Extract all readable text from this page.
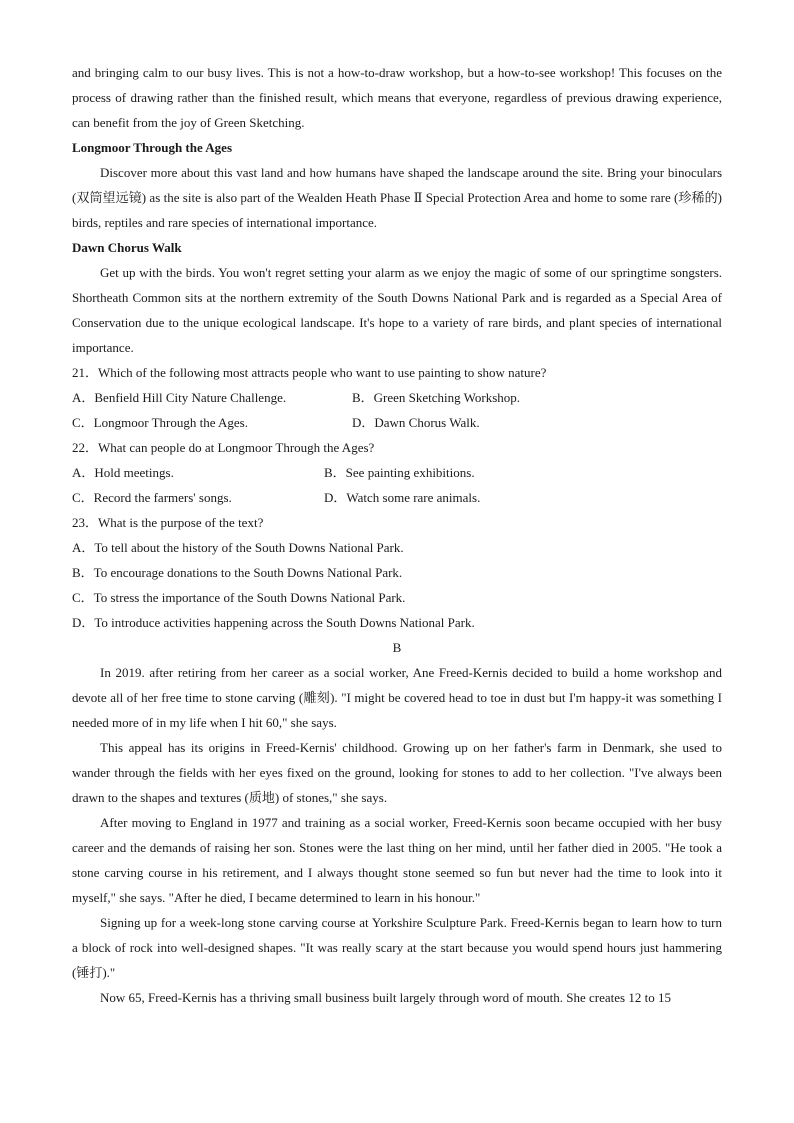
and bringing calm to our busy lives. This is not a how-to-draw workshop, but a how-to-see workshop! This focuses on the process of drawing rather than the finished result, which means that everyone, regardless of previous drawing experience, can benefit from the joy of Green Sketching.

Longmoor Through the Ages

Discover more about this vast land and how humans have shaped the landscape around the site. Bring your binoculars (双筒望远镜) as the site is also part of the Wealden Heath Phase Ⅱ Special Protection Area and home to some rare (珍稀的) birds, reptiles and rare species of international importance.

Dawn Chorus Walk

Get up with the birds. You won't regret setting your alarm as we enjoy the magic of some of our springtime songsters. Shortheath Common sits at the northern extremity of the South Downs National Park and is regarded as a Special Area of Conservation due to the unique ecological landscape. It's hope to a variety of rare birds, and plant species of international importance.

21．Which of the following most attracts people who want to use painting to show nature?

A．Benfield Hill City Nature Challenge.	B．Green Sketching Workshop.
C．Longmoor Through the Ages.	D．Dawn Chorus Walk.

22．What can people do at Longmoor Through the Ages?

A．Hold meetings.	B．See painting exhibitions.
C．Record the farmers' songs.	D．Watch some rare animals.

23．What is the purpose of the text?

A．To tell about the history of the South Downs National Park.

B．To encourage donations to the South Downs National Park.

C．To stress the importance of the South Downs National Park.

D．To introduce activities happening across the South Downs National Park.

B

In 2019. after retiring from her career as a social worker, Ane Freed-Kernis decided to build a home workshop and devote all of her free time to stone carving (雕刻). "I might be covered head to toe in dust but I'm happy-it was something I needed more of in my life when I hit 60," she says.

This appeal has its origins in Freed-Kernis' childhood. Growing up on her father's farm in Denmark, she used to wander through the fields with her eyes fixed on the ground, looking for stones to add to her collection. "I've always been drawn to the shapes and textures (质地) of stones," she says.

After moving to England in 1977 and training as a social worker, Freed-Kernis soon became occupied with her busy career and the demands of raising her son. Stones were the last thing on her mind, until her father died in 2005. "He took a stone carving course in his retirement, and I always thought stone seemed so fun but never had the time to look into it myself," she says. "After he died, I became determined to learn in his honour."

Signing up for a week-long stone carving course at Yorkshire Sculpture Park. Freed-Kernis began to learn how to turn a block of rock into well-designed shapes. "It was really scary at the start because you would spend hours just hammering (锤打)."

Now 65, Freed-Kernis has a thriving small business built largely through word of mouth. She creates 12 to 15
